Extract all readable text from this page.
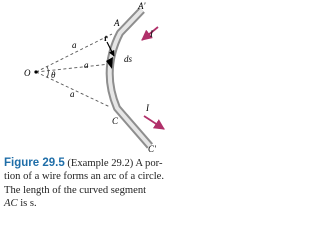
A'
A
C
C'
O θ
a
a
a
r̂
ds
I
I
Figure 29.5 (Example 29.2) A por-
tion of a wire forms an arc of a circle.
The length of the curved segment
AC is s.
